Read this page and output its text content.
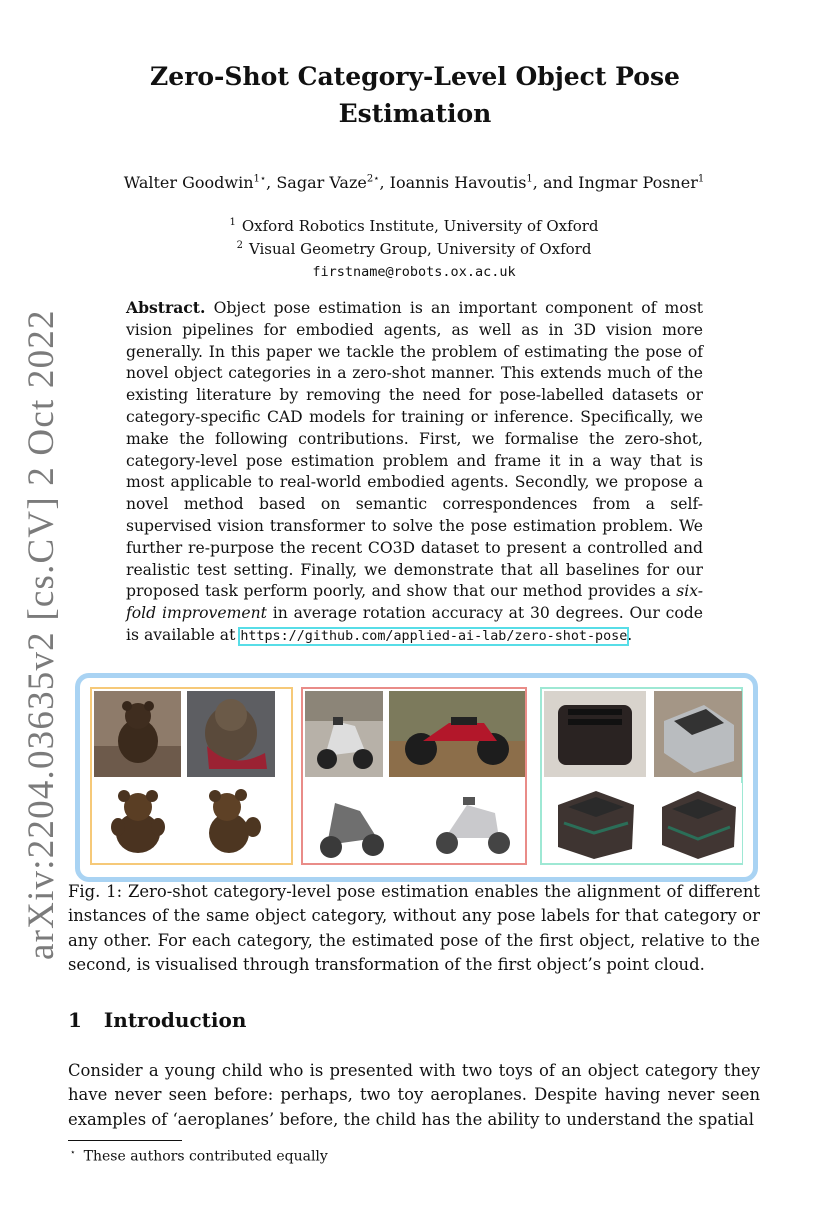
arXiv:2204.03635v2 [cs.CV] 2 Oct 2022
Zero-Shot Category-Level Object Pose Estimation
Walter Goodwin$^{1⋆}$, Sagar Vaze$^{2⋆}$, Ioannis Havoutis$^1$, and Ingmar Posner$^1$
$^1$ Oxford Robotics Institute, University of Oxford
$^2$ Visual Geometry Group, University of Oxford
firstname@robots.ox.ac.uk
Abstract. Object pose estimation is an important component of most vision pipelines for embodied agents, as well as in 3D vision more generally. In this paper we tackle the problem of estimating the pose of novel object categories in a zero-shot manner. This extends much of the existing literature by removing the need for pose-labelled datasets or category-specific CAD models for training or inference. Specifically, we make the following contributions. First, we formalise the zero-shot, category-level pose estimation problem and frame it in a way that is most applicable to real-world embodied agents. Secondly, we propose a novel method based on semantic correspondences from a self-supervised vision transformer to solve the pose estimation problem. We further re-purpose the recent CO3D dataset to present a controlled and realistic test setting. Finally, we demonstrate that all baselines for our proposed task perform poorly, and show that our method provides a six-fold improvement in average rotation accuracy at 30 degrees. Our code is available at https://github.com/applied-ai-lab/zero-shot-pose.
Fig. 1: Zero-shot category-level pose estimation enables the alignment of different instances of the same object category, without any pose labels for that category or any other. For each category, the estimated pose of the first object, relative to the second, is visualised through transformation of the first object’s point cloud.
1 Introduction
Consider a young child who is presented with two toys of an object category they have never seen before: perhaps, two toy aeroplanes. Despite having never seen examples of ‘aeroplanes’ before, the child has the ability to understand the spatial
⋆ These authors contributed equally
